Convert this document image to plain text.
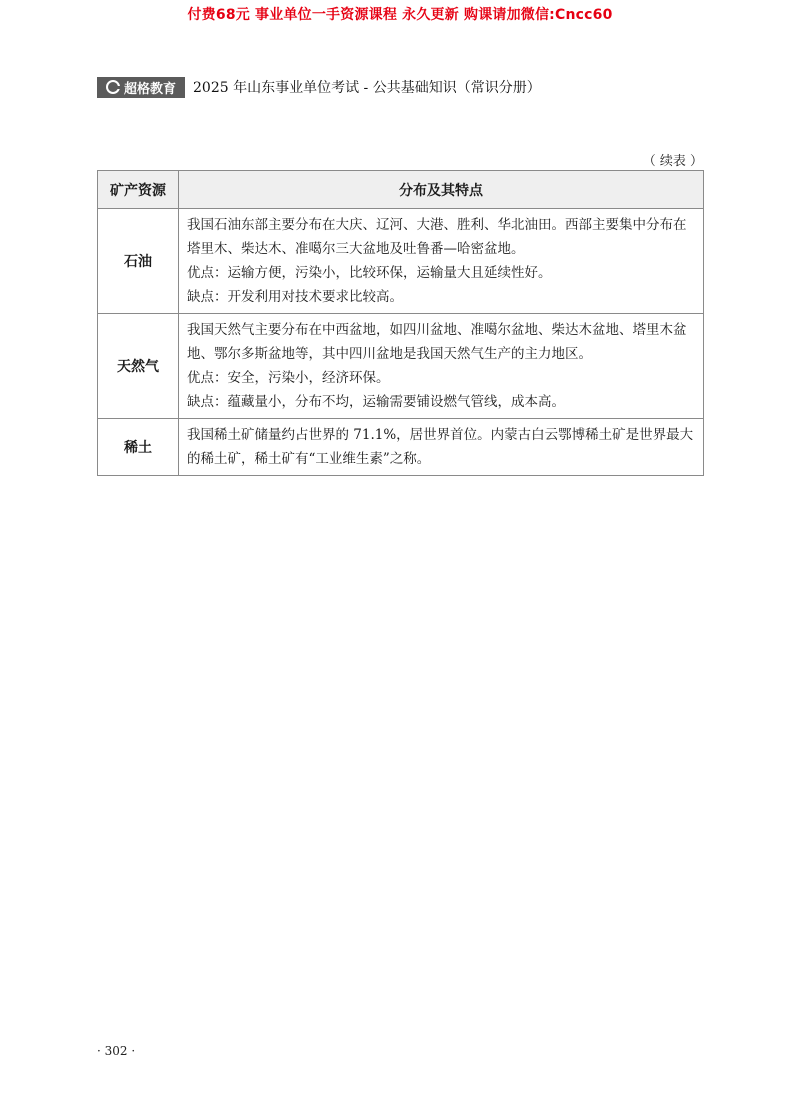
付费68元 事业单位一手资源课程 永久更新 购课请加微信:Cncc60
超格教育 2025 年山东事业单位考试 - 公共基础知识（常识分册）
（ 续表 ）
矿产资源	分布及其特点
石油	我国石油东部主要分布在大庆、辽河、大港、胜利、华北油田。西部主要集中分布在塔里木、柴达木、准噶尔三大盆地及吐鲁番—哈密盆地。

优点：运输方便，污染小，比较环保，运输量大且延续性好。

缺点：开发利用对技术要求比较高。

天然气	我国天然气主要分布在中西盆地，如四川盆地、准噶尔盆地、柴达木盆地、塔里木盆地、鄂尔多斯盆地等，其中四川盆地是我国天然气生产的主力地区。

优点：安全，污染小，经济环保。

缺点：蕴藏量小，分布不均，运输需要铺设燃气管线，成本高。

稀土	我国稀土矿储量约占世界的 71.1%，居世界首位。内蒙古白云鄂博稀土矿是世界最大的稀土矿，稀土矿有“工业维生素”之称。

· 302 ·
